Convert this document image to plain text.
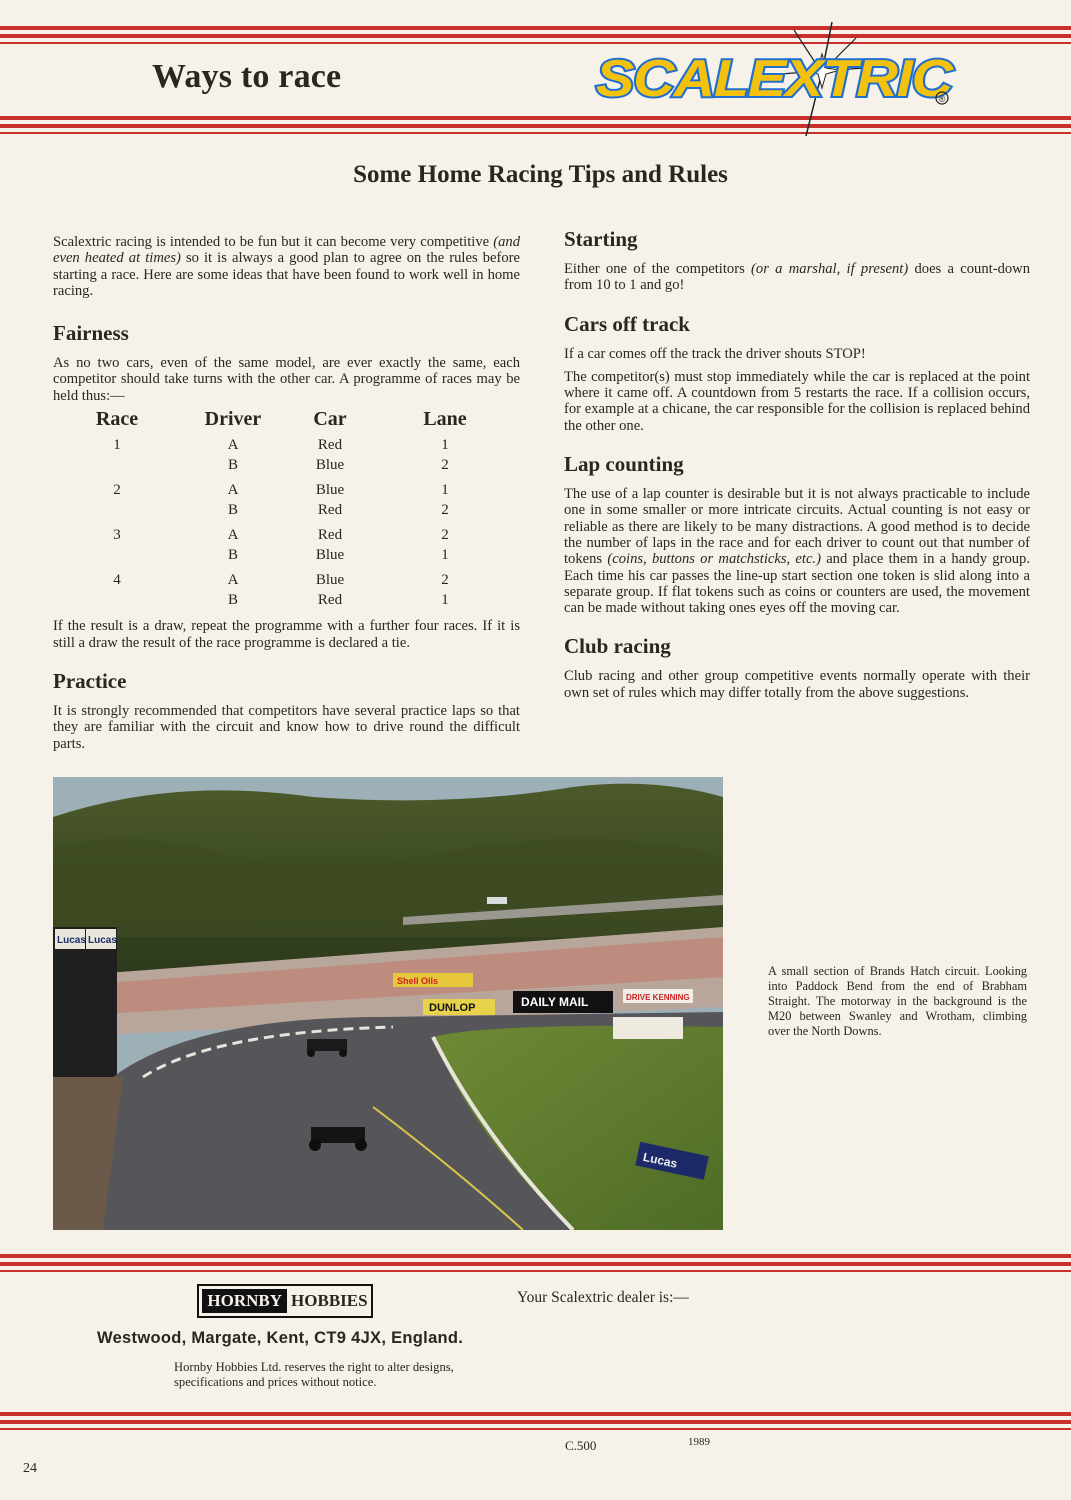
Ways to race	SCALEXTRIC
®
Some Home Racing Tips and Rules

Scalextric racing is intended to be fun but it can become very competitive (and even heated at times) so it is always a good plan to agree on the rules before starting a race. Here are some ideas that have been found to work well in home racing.

Fairness

As no two cars, even of the same model, are ever exactly the same, each competitor should take turns with the other car. A programme of races may be held thus:—

Race	Driver	Car	Lane
1	A	Red	1
	B	Blue	2

2	A	Blue	1
	B	Red	2

3	A	Red	2
	B	Blue	1

4	A	Blue	2
	B	Red	1

If the result is a draw, repeat the programme with a further four races. If it is still a draw the result of the race programme is declared a tie.

Practice

It is strongly recommended that competitors have several practice laps so that they are familiar with the circuit and know how to drive round the difficult parts.

Starting

Either one of the competitors (or a marshal, if present) does a count-down from 10 to 1 and go!

Cars off track

If a car comes off the track the driver shouts STOP!

The competitor(s) must stop immediately while the car is replaced at the point where it came off. A countdown from 5 restarts the race. If a collision occurs, for example at a chicane, the car responsible for the collision is replaced behind the other one.

Lap counting

The use of a lap counter is desirable but it is not always practicable to include one in some smaller or more intricate circuits. Actual counting is not easy or reliable as there are likely to be many distractions. A good method is to decide the number of laps in the race and for each driver to count out that number of tokens (coins, buttons or matchsticks, etc.) and place them in a handy group. Each time his car passes the line-up start section one token is slid along into a separate group. If flat tokens such as coins or counters are used, the movement can be made without taking ones eyes off the moving car.

Club racing

Club racing and other group competitive events normally operate with their own set of rules which may differ totally from the above suggestions.

Lucas Lucas
DAILY MAIL
DUNLOP
Shell Oils
DRIVE KENNING
Lucas
A small section of Brands Hatch circuit. Looking into Paddock Bend from the end of Brabham Straight. The motorway in the background is the M20 between Swanley and Wrotham, climbing over the North Downs.
HORNBY HOBBIES
Westwood, Margate, Kent, CT9 4JX, England.
Hornby Hobbies Ltd. reserves the right to alter designs, specifications and prices without notice.
Your Scalextric dealer is:—
C.500	1989
24
